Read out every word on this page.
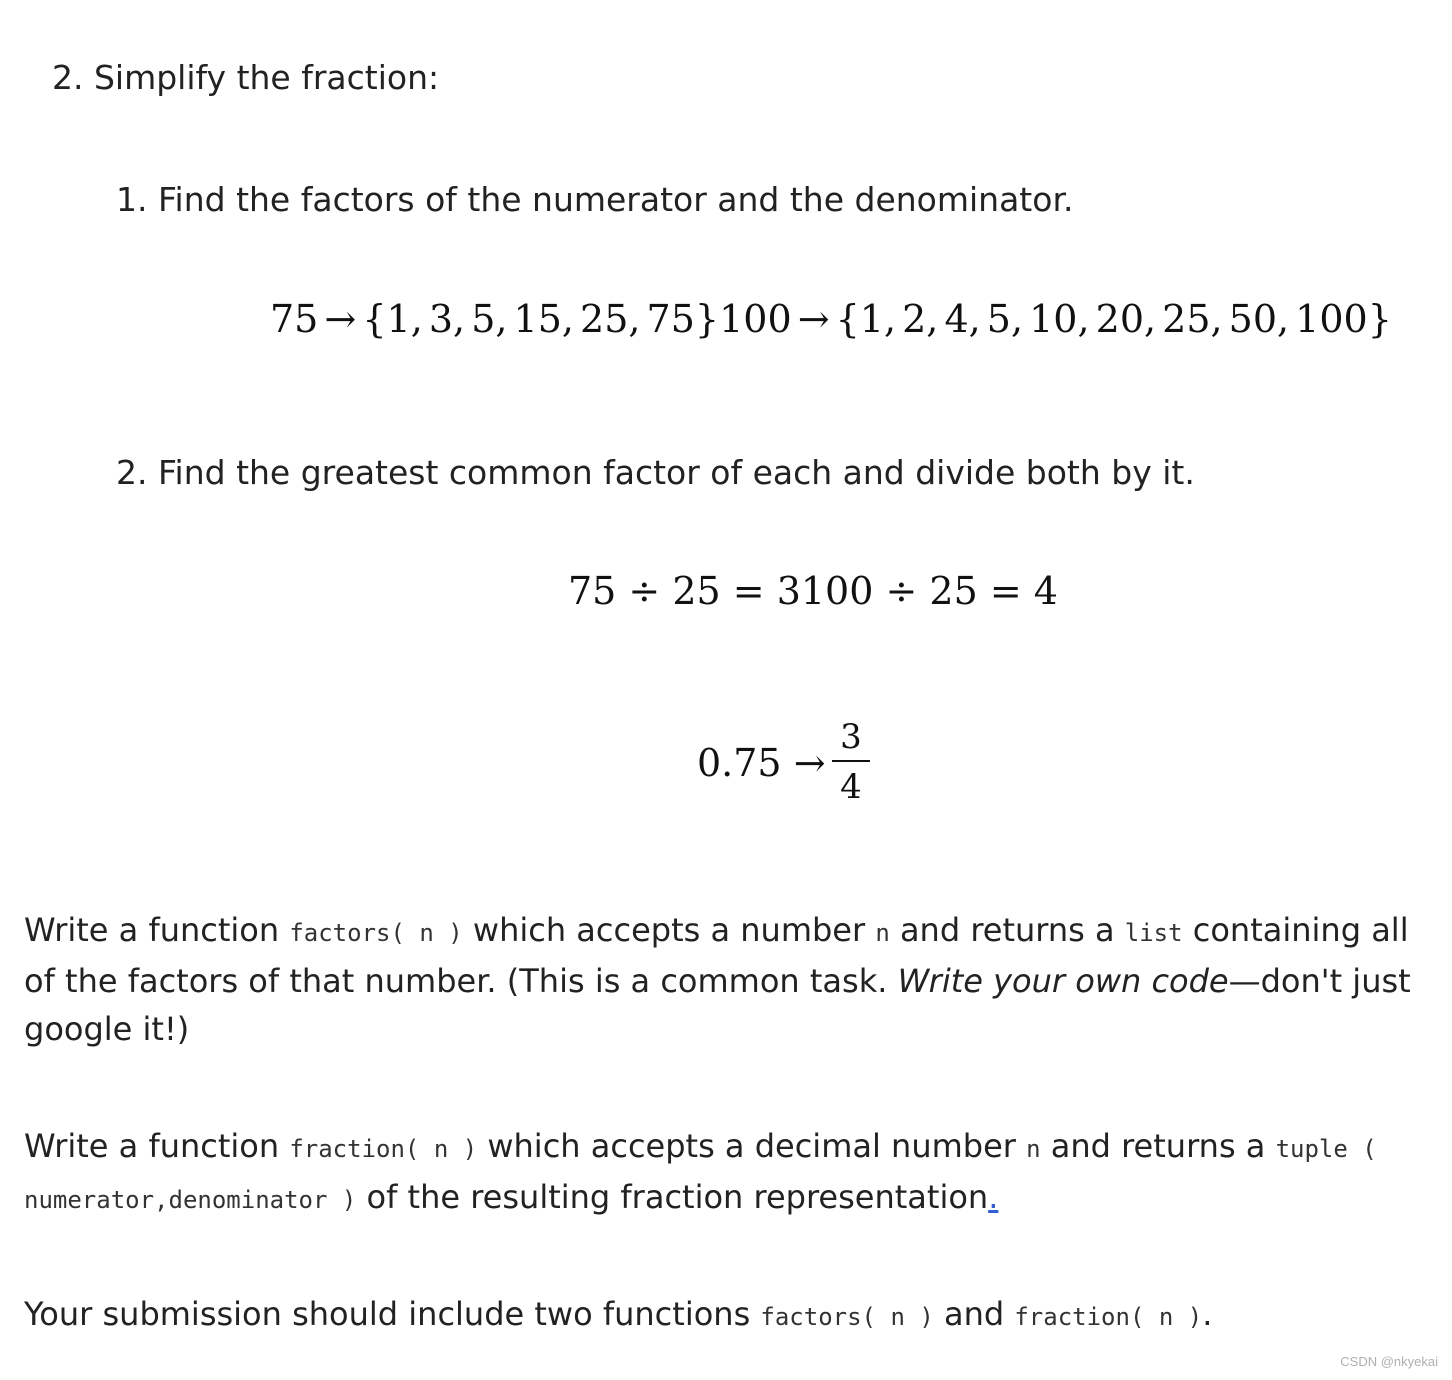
2. Simplify the fraction:
1. Find the factors of the numerator and the denominator.
75 → {1, 3, 5, 15, 25, 75}100 → {1, 2, 4, 5, 10, 20, 25, 50, 100}
2. Find the greatest common factor of each and divide both by it.
75 ÷ 25 = 3100 ÷ 25 = 4
0.75 →
3
4
Write a function factors( n ) which accepts a number n and returns a list containing all of the factors of that number. (This is a common task. Write your own code—don't just google it!)
Write a function fraction( n ) which accepts a decimal number n and returns a tuple ( numerator,denominator ) of the resulting fraction representation.
Your submission should include two functions factors( n ) and fraction( n ).
CSDN @nkyekai
